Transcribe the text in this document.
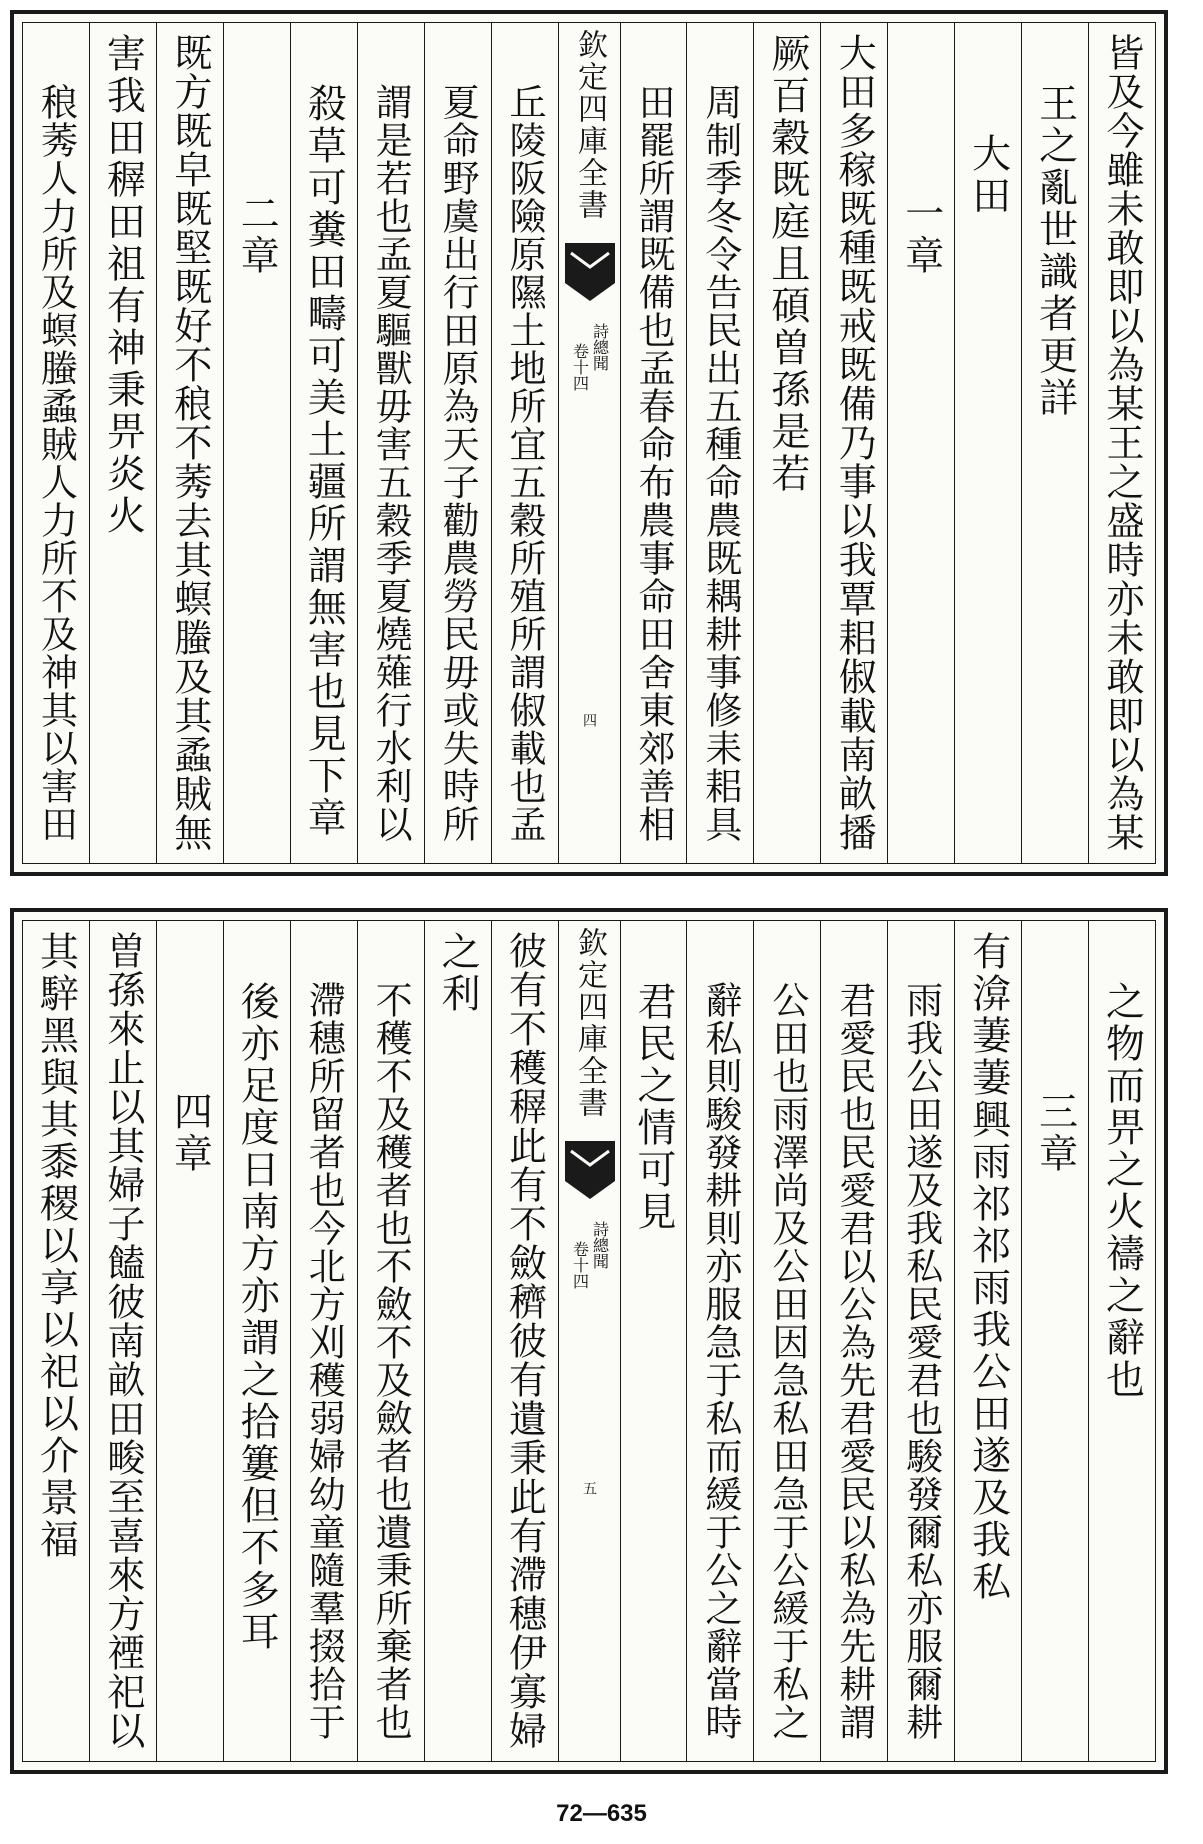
皆及今雖未敢即以為某王之盛時亦未敢即以為某
王之亂世識者更詳
大田
一章
大田多稼既種既戒既備乃事以我覃耜俶載南畝播
厥百穀既庭且碩曽孫是若
周制季冬令告民出五種命農既耦耕事修耒耜具
田罷所謂既備也孟春命布農事命田舍東郊善相
欽定四庫全書
詩總聞
卷十四
四
丘陵阪險原隰土地所宜五穀所殖所謂俶載也孟
夏命野虞出行田原為天子勸農勞民毋或失時所
謂是若也孟夏驅獸毋害五穀季夏燒薙行水利以
殺草可糞田疇可美土疆所謂無害也見下章
二章
既方既皁既堅既好不稂不莠去其螟螣及其蟊賊無
害我田稺田祖有神秉畀炎火
稂莠人力所及螟螣蟊賊人力所不及神其以害田
之物而畀之火禱之辭也
三章
有渰萋萋興雨祁祁雨我公田遂及我私
雨我公田遂及我私民愛君也駿發爾私亦服爾耕
君愛民也民愛君以公為先君愛民以私為先耕謂
公田也雨澤尚及公田因急私田急于公緩于私之
辭私則駿發耕則亦服急于私而緩于公之辭當時
君民之情可見
欽定四庫全書
詩總聞
卷十四
五
彼有不穫稺此有不斂穧彼有遺秉此有滯穗伊寡婦
之利
不穫不及穫者也不斂不及斂者也遺秉所棄者也
滯穗所留者也今北方刈穫弱婦幼童隨羣掇拾于
後亦足度日南方亦謂之拾簍但不多耳
四章
曽孫來止以其婦子饁彼南畝田畯至喜來方禋祀以
其騂黑與其黍稷以享以祀以介景福
72—635
